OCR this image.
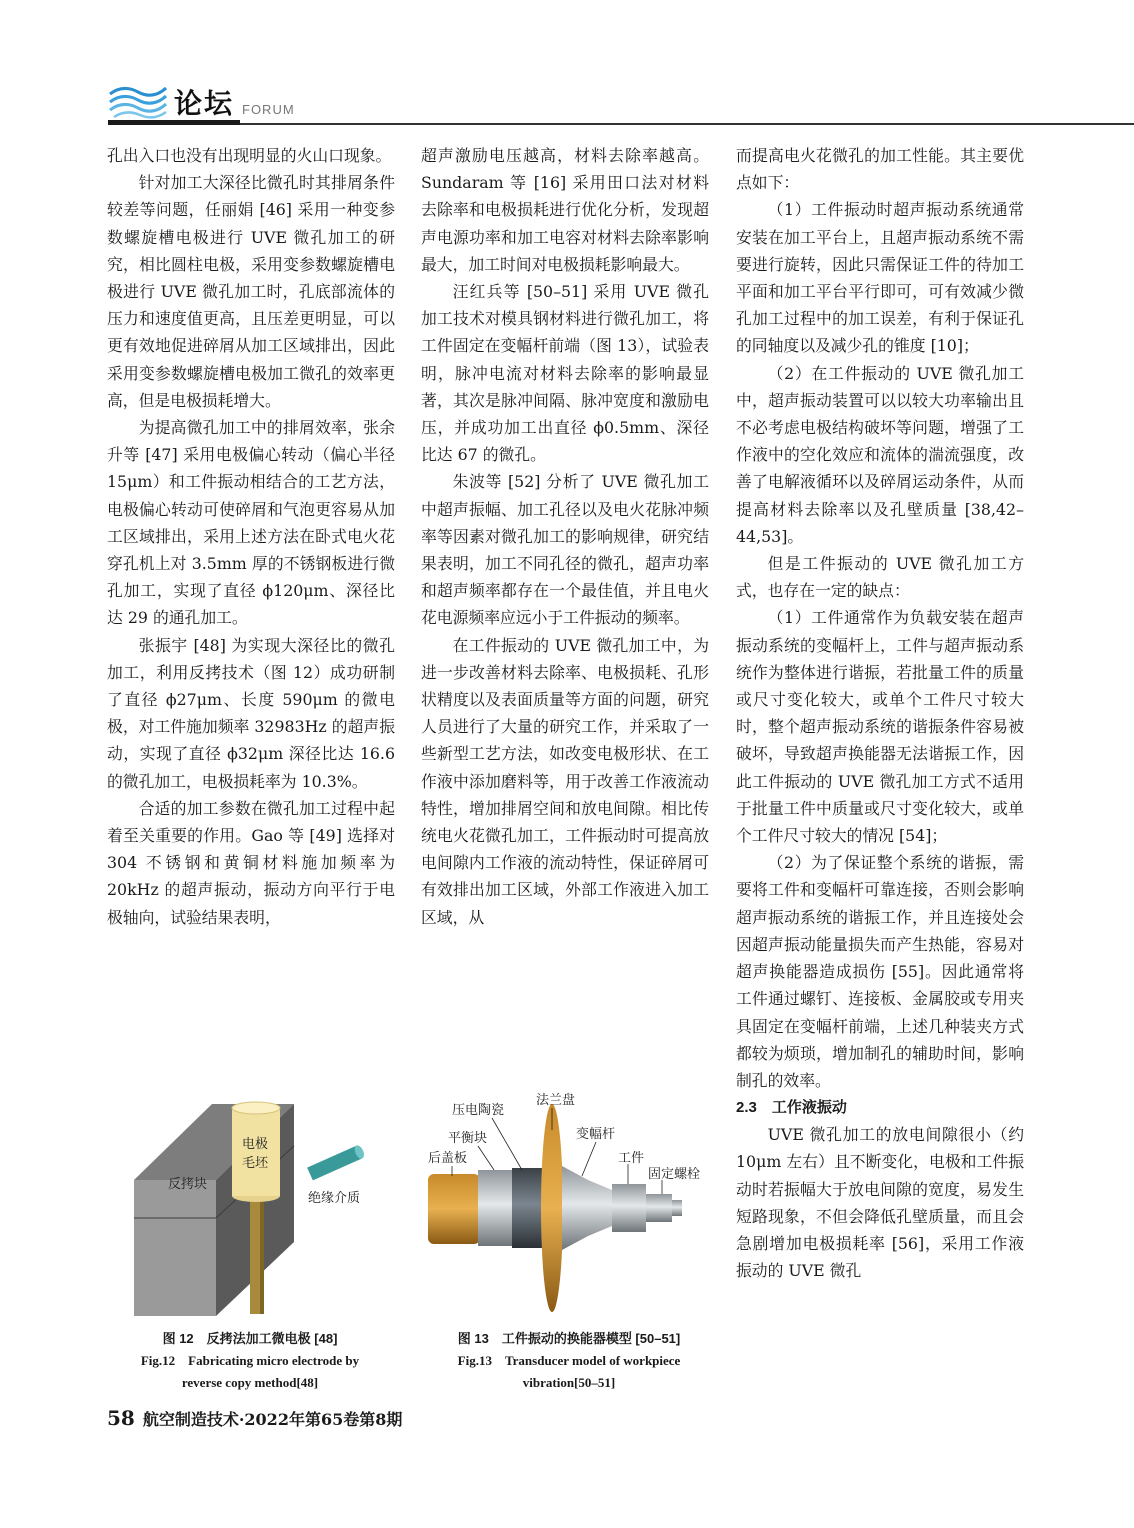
论坛 FORUM

孔出入口也没有出现明显的火山口现象。

针对加工大深径比微孔时其排屑条件较差等问题，任丽娟 [46] 采用一种变参数螺旋槽电极进行 UVE 微孔加工的研究，相比圆柱电极，采用变参数螺旋槽电极进行 UVE 微孔加工时，孔底部流体的压力和速度值更高，且压差更明显，可以更有效地促进碎屑从加工区域排出，因此采用变参数螺旋槽电极加工微孔的效率更高，但是电极损耗增大。

为提高微孔加工中的排屑效率，张余升等 [47] 采用电极偏心转动（偏心半径 15μm）和工件振动相结合的工艺方法，电极偏心转动可使碎屑和气泡更容易从加工区域排出，采用上述方法在卧式电火花穿孔机上对 3.5mm 厚的不锈钢板进行微孔加工，实现了直径 ϕ120μm、深径比达 29 的通孔加工。

张振宇 [48] 为实现大深径比的微孔加工，利用反拷技术（图 12）成功研制了直径 ϕ27μm、长度 590μm 的微电极，对工件施加频率 32983Hz 的超声振动，实现了直径 ϕ32μm 深径比达 16.6 的微孔加工，电极损耗率为 10.3%。

合适的加工参数在微孔加工过程中起着至关重要的作用。Gao 等 [49] 选择对 304 不锈钢和黄铜材料施加频率为 20kHz 的超声振动，振动方向平行于电极轴向，试验结果表明，

超声激励电压越高，材料去除率越高。Sundaram 等 [16] 采用田口法对材料去除率和电极损耗进行优化分析，发现超声电源功率和加工电容对材料去除率影响最大，加工时间对电极损耗影响最大。

汪红兵等 [50–51] 采用 UVE 微孔加工技术对模具钢材料进行微孔加工，将工件固定在变幅杆前端（图 13），试验表明，脉冲电流对材料去除率的影响最显著，其次是脉冲间隔、脉冲宽度和激励电压，并成功加工出直径 ϕ0.5mm、深径比达 67 的微孔。

朱波等 [52] 分析了 UVE 微孔加工中超声振幅、加工孔径以及电火花脉冲频率等因素对微孔加工的影响规律，研究结果表明，加工不同孔径的微孔，超声功率和超声频率都存在一个最佳值，并且电火花电源频率应远小于工件振动的频率。

在工件振动的 UVE 微孔加工中，为进一步改善材料去除率、电极损耗、孔形状精度以及表面质量等方面的问题，研究人员进行了大量的研究工作，并采取了一些新型工艺方法，如改变电极形状、在工作液中添加磨料等，用于改善工作液流动特性，增加排屑空间和放电间隙。相比传统电火花微孔加工，工件振动时可提高放电间隙内工作液的流动特性，保证碎屑可有效排出加工区域，外部工作液进入加工区域，从

而提高电火花微孔的加工性能。其主要优点如下：

（1）工件振动时超声振动系统通常安装在加工平台上，且超声振动系统不需要进行旋转，因此只需保证工件的待加工平面和加工平台平行即可，可有效减少微孔加工过程中的加工误差，有利于保证孔的同轴度以及减少孔的锥度 [10]；

（2）在工件振动的 UVE 微孔加工中，超声振动装置可以以较大功率输出且不必考虑电极结构破坏等问题，增强了工作液中的空化效应和流体的湍流强度，改善了电解液循环以及碎屑运动条件，从而提高材料去除率以及孔壁质量 [38,42–44,53]。

但是工件振动的 UVE 微孔加工方式，也存在一定的缺点：

（1）工件通常作为负载安装在超声振动系统的变幅杆上，工件与超声振动系统作为整体进行谐振，若批量工件的质量或尺寸变化较大，或单个工件尺寸较大时，整个超声振动系统的谐振条件容易被破坏，导致超声换能器无法谐振工作，因此工件振动的 UVE 微孔加工方式不适用于批量工件中质量或尺寸变化较大，或单个工件尺寸较大的情况 [54]；

（2）为了保证整个系统的谐振，需要将工件和变幅杆可靠连接，否则会影响超声振动系统的谐振工作，并且连接处会因超声振动能量损失而产生热能，容易对超声换能器造成损伤 [55]。因此通常将工件通过螺钉、连接板、金属胶或专用夹具固定在变幅杆前端，上述几种装夹方式都较为烦琐，增加制孔的辅助时间，影响制孔的效率。

2.3　工作液振动

UVE 微孔加工的放电间隙很小（约 10μm 左右）且不断变化，电极和工件振动时若振幅大于放电间隙的宽度，易发生短路现象，不但会降低孔壁质量，而且会急剧增加电极损耗率 [56]，采用工作液振动的 UVE 微孔

反拷块
电极
毛坯
绝缘介质
图 12　反拷法加工微电极 [48]
Fig.12　Fabricating micro electrode by
reverse copy method[48]
压电陶瓷
法兰盘
平衡块	变幅杆
后盖板	工件
固定螺栓
图 13　工件振动的换能器模型 [50–51]
Fig.13　Transducer model of workpiece
vibration[50–51]
58 航空制造技术·2022年第65卷第8期
